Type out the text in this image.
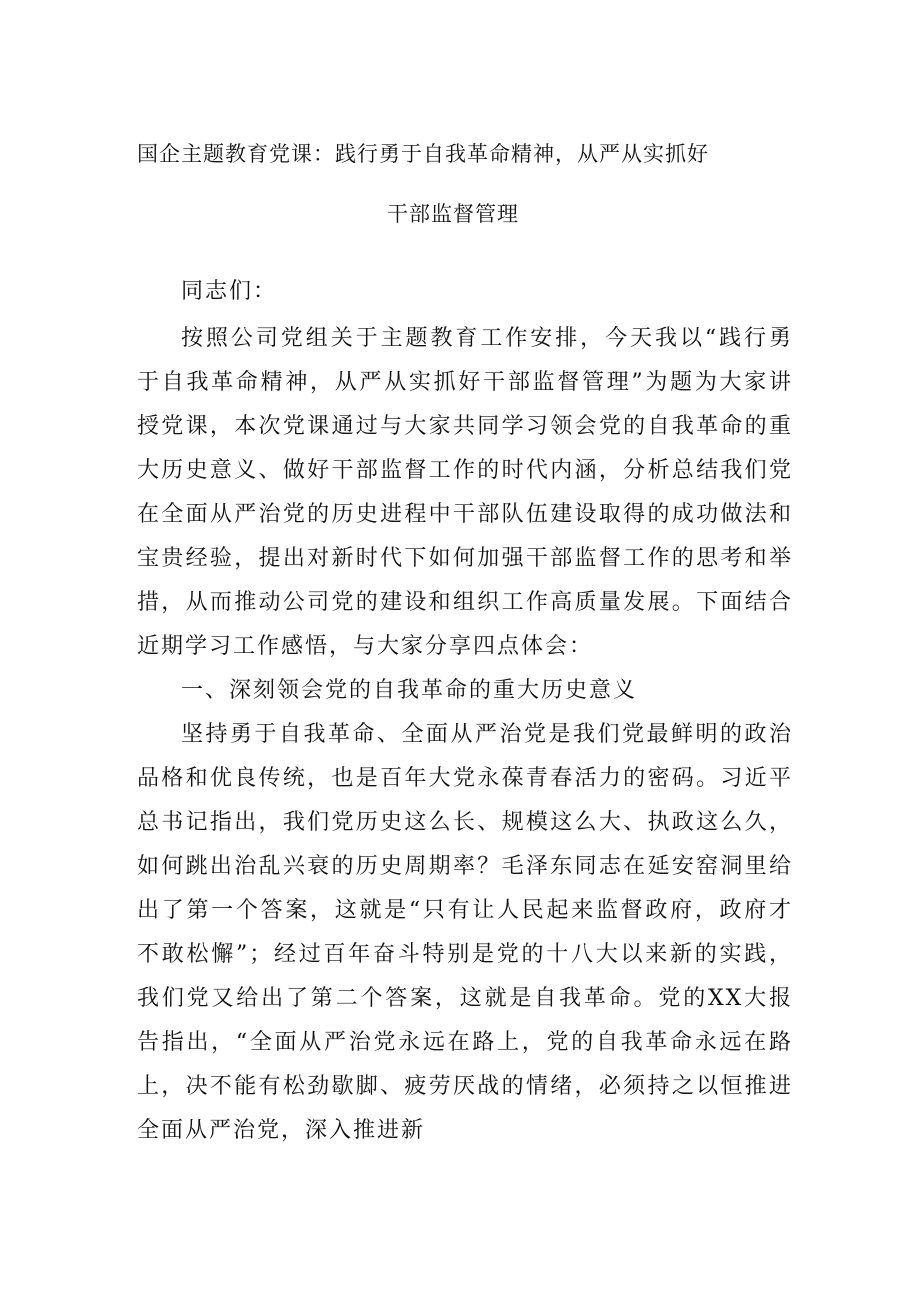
国企主题教育党课：践行勇于自我革命精神，从严从实抓好
干部监督管理
同志们：
按照公司党组关于主题教育工作安排，今天我以“践行勇于自我革命精神，从严从实抓好干部监督管理”为题为大家讲授党课，本次党课通过与大家共同学习领会党的自我革命的重大历史意义、做好干部监督工作的时代内涵，分析总结我们党在全面从严治党的历史进程中干部队伍建设取得的成功做法和宝贵经验，提出对新时代下如何加强干部监督工作的思考和举措，从而推动公司党的建设和组织工作高质量发展。下面结合近期学习工作感悟，与大家分享四点体会：
一、深刻领会党的自我革命的重大历史意义
坚持勇于自我革命、全面从严治党是我们党最鲜明的政治品格和优良传统，也是百年大党永葆青春活力的密码。习近平总书记指出，我们党历史这么长、规模这么大、执政这么久，如何跳出治乱兴衰的历史周期率？毛泽东同志在延安窑洞里给出了第一个答案，这就是“只有让人民起来监督政府，政府才不敢松懈”；经过百年奋斗特别是党的十八大以来新的实践，我们党又给出了第二个答案，这就是自我革命。党的XX大报告指出，“全面从严治党永远在路上，党的自我革命永远在路上，决不能有松劲歇脚、疲劳厌战的情绪，必须持之以恒推进全面从严治党，深入推进新
